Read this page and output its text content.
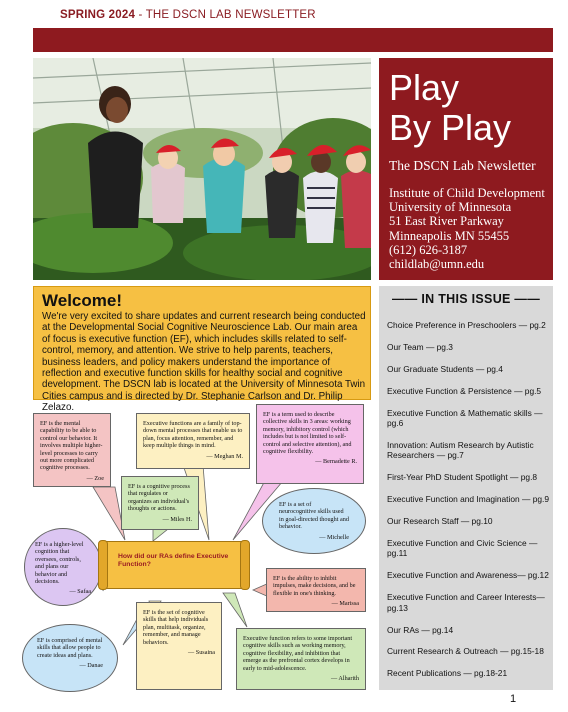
SPRING 2024 - THE DSCN LAB NEWSLETTER
Play
By Play
The DSCN Lab Newsletter
Institute of Child Development
University of Minnesota
51 East River Parkway
Minneapolis MN 55455
(612) 626-3187
childlab@umn.edu
Welcome!

We're very excited to share updates and current research being conducted at the Developmental Social Cognitive Neuroscience Lab. Our main area of focus is executive function (EF), which includes skills related to self-control, memory, and attention. We strive to help parents, teachers, business leaders, and policy makers understand the importance of reflection and executive function skills for healthy social and cognitive development. The DSCN lab is located at the University of Minnesota Twin Cities campus and is directed by Dr. Stephanie Carlson and Dr. Philip Zelazo.

—— IN THIS ISSUE ——
Choice Preference in Preschoolers — pg.2
Our Team — pg.3
Our Graduate Students — pg.4
Executive Function & Persistence — pg.5
Executive Function & Mathematic skills — pg.6
Innovation: Autism Research by Autistic Researchers — pg.7
First-Year PhD Student Spotlight — pg.8
Executive Function and Imagination — pg.9
Our Research Staff — pg.10
Executive Function and Civic Science — pg.11
Executive Function and Awareness— pg.12
Executive Function and Career Interests— pg.13
Our RAs — pg.14
Current Research & Outreach — pg.15-18
Recent Publications — pg.18-21
EF is the mental capability to be able to control our behavior. It involves multiple higher-level processes to carry out more complicated cognitive processes.
— Zoe
Executive functions are a family of top-down mental processes that enable us to plan, focus attention, remember, and keep multiple things in mind.
— Meghan M.
EF is a term used to describe collective skills in 3 areas: working memory, inhibitory control (which includes but is not limited to self-control and selective attention), and cognitive flexibility.
— Bernadette R.
EF is a cognitive process that regulates or organizes an individual's thoughts or actions.
— Miles H.
EF is a set of neurocognitive skills used in goal-directed thought and behavior.
— Michelle
EF is a higher-level cognition that oversees, controls, and plans our behavior and decisions.
— Safaa
How did our RAs define Executive Function?
EF is the ability to inhibit impulses, make decisions, and be flexible in one's thinking.
— Marissa
EF is comprised of mental skills that allow people to create ideas and plans.
— Danae
EF is the set of cognitive skills that help individuals plan, multitask, organize, remember, and manage behaviors.
— Susaina
Executive function refers to some important cognitive skills such as working memory, cognitive flexibility, and inhibition that emerge as the prefrontal cortex develops in early to mid-adolescence.
— Alharith
1
